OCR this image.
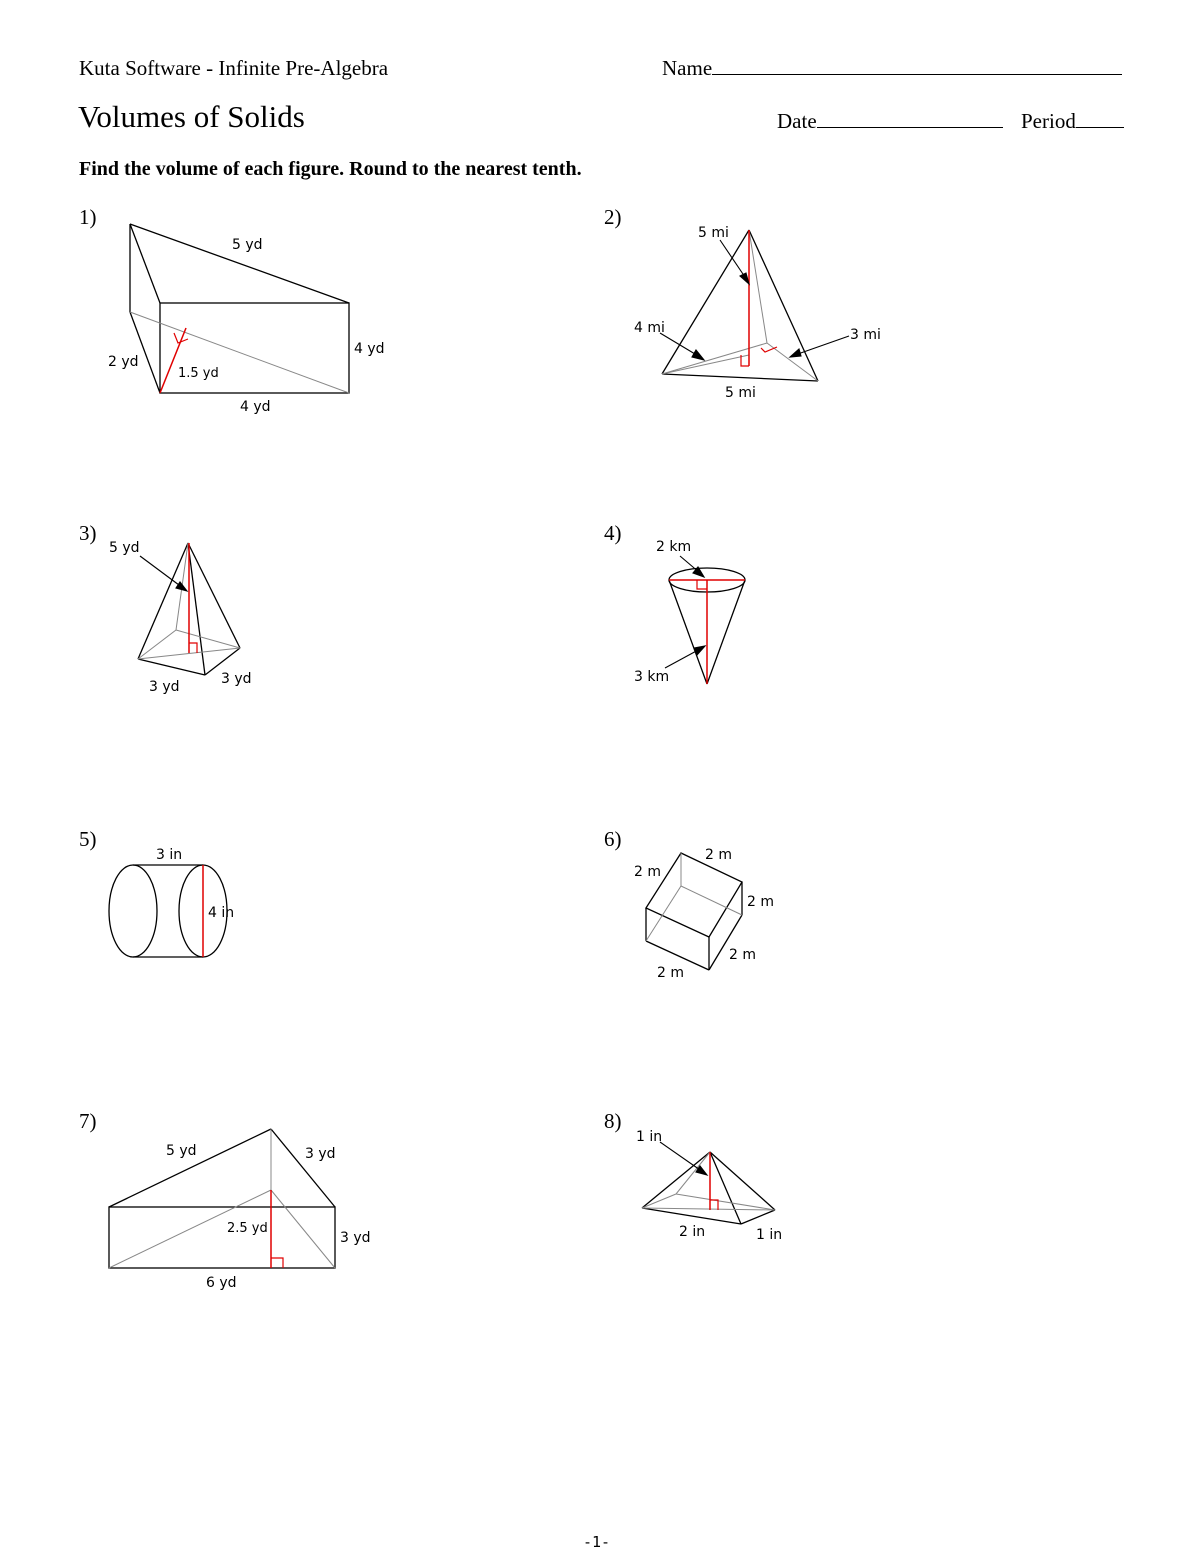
Kuta Software - Infinite Pre-Algebra	Name
Volumes of Solids	Date	Period
Find the volume of each figure. Round to the nearest tenth.
1)	2)
3)	4)
5)	6)
7)	8)
5 yd
4 yd
2 yd
1.5 yd
4 yd
5 mi
4 mi	3 mi
5 mi
5 yd
3 yd	3 yd
2 km
3 km
3 in
4 in
2 m
2 m
2 m
2 m
2 m
5 yd	3 yd
2.5 yd
3 yd
6 yd
1 in
2 in	1 in
-1-
